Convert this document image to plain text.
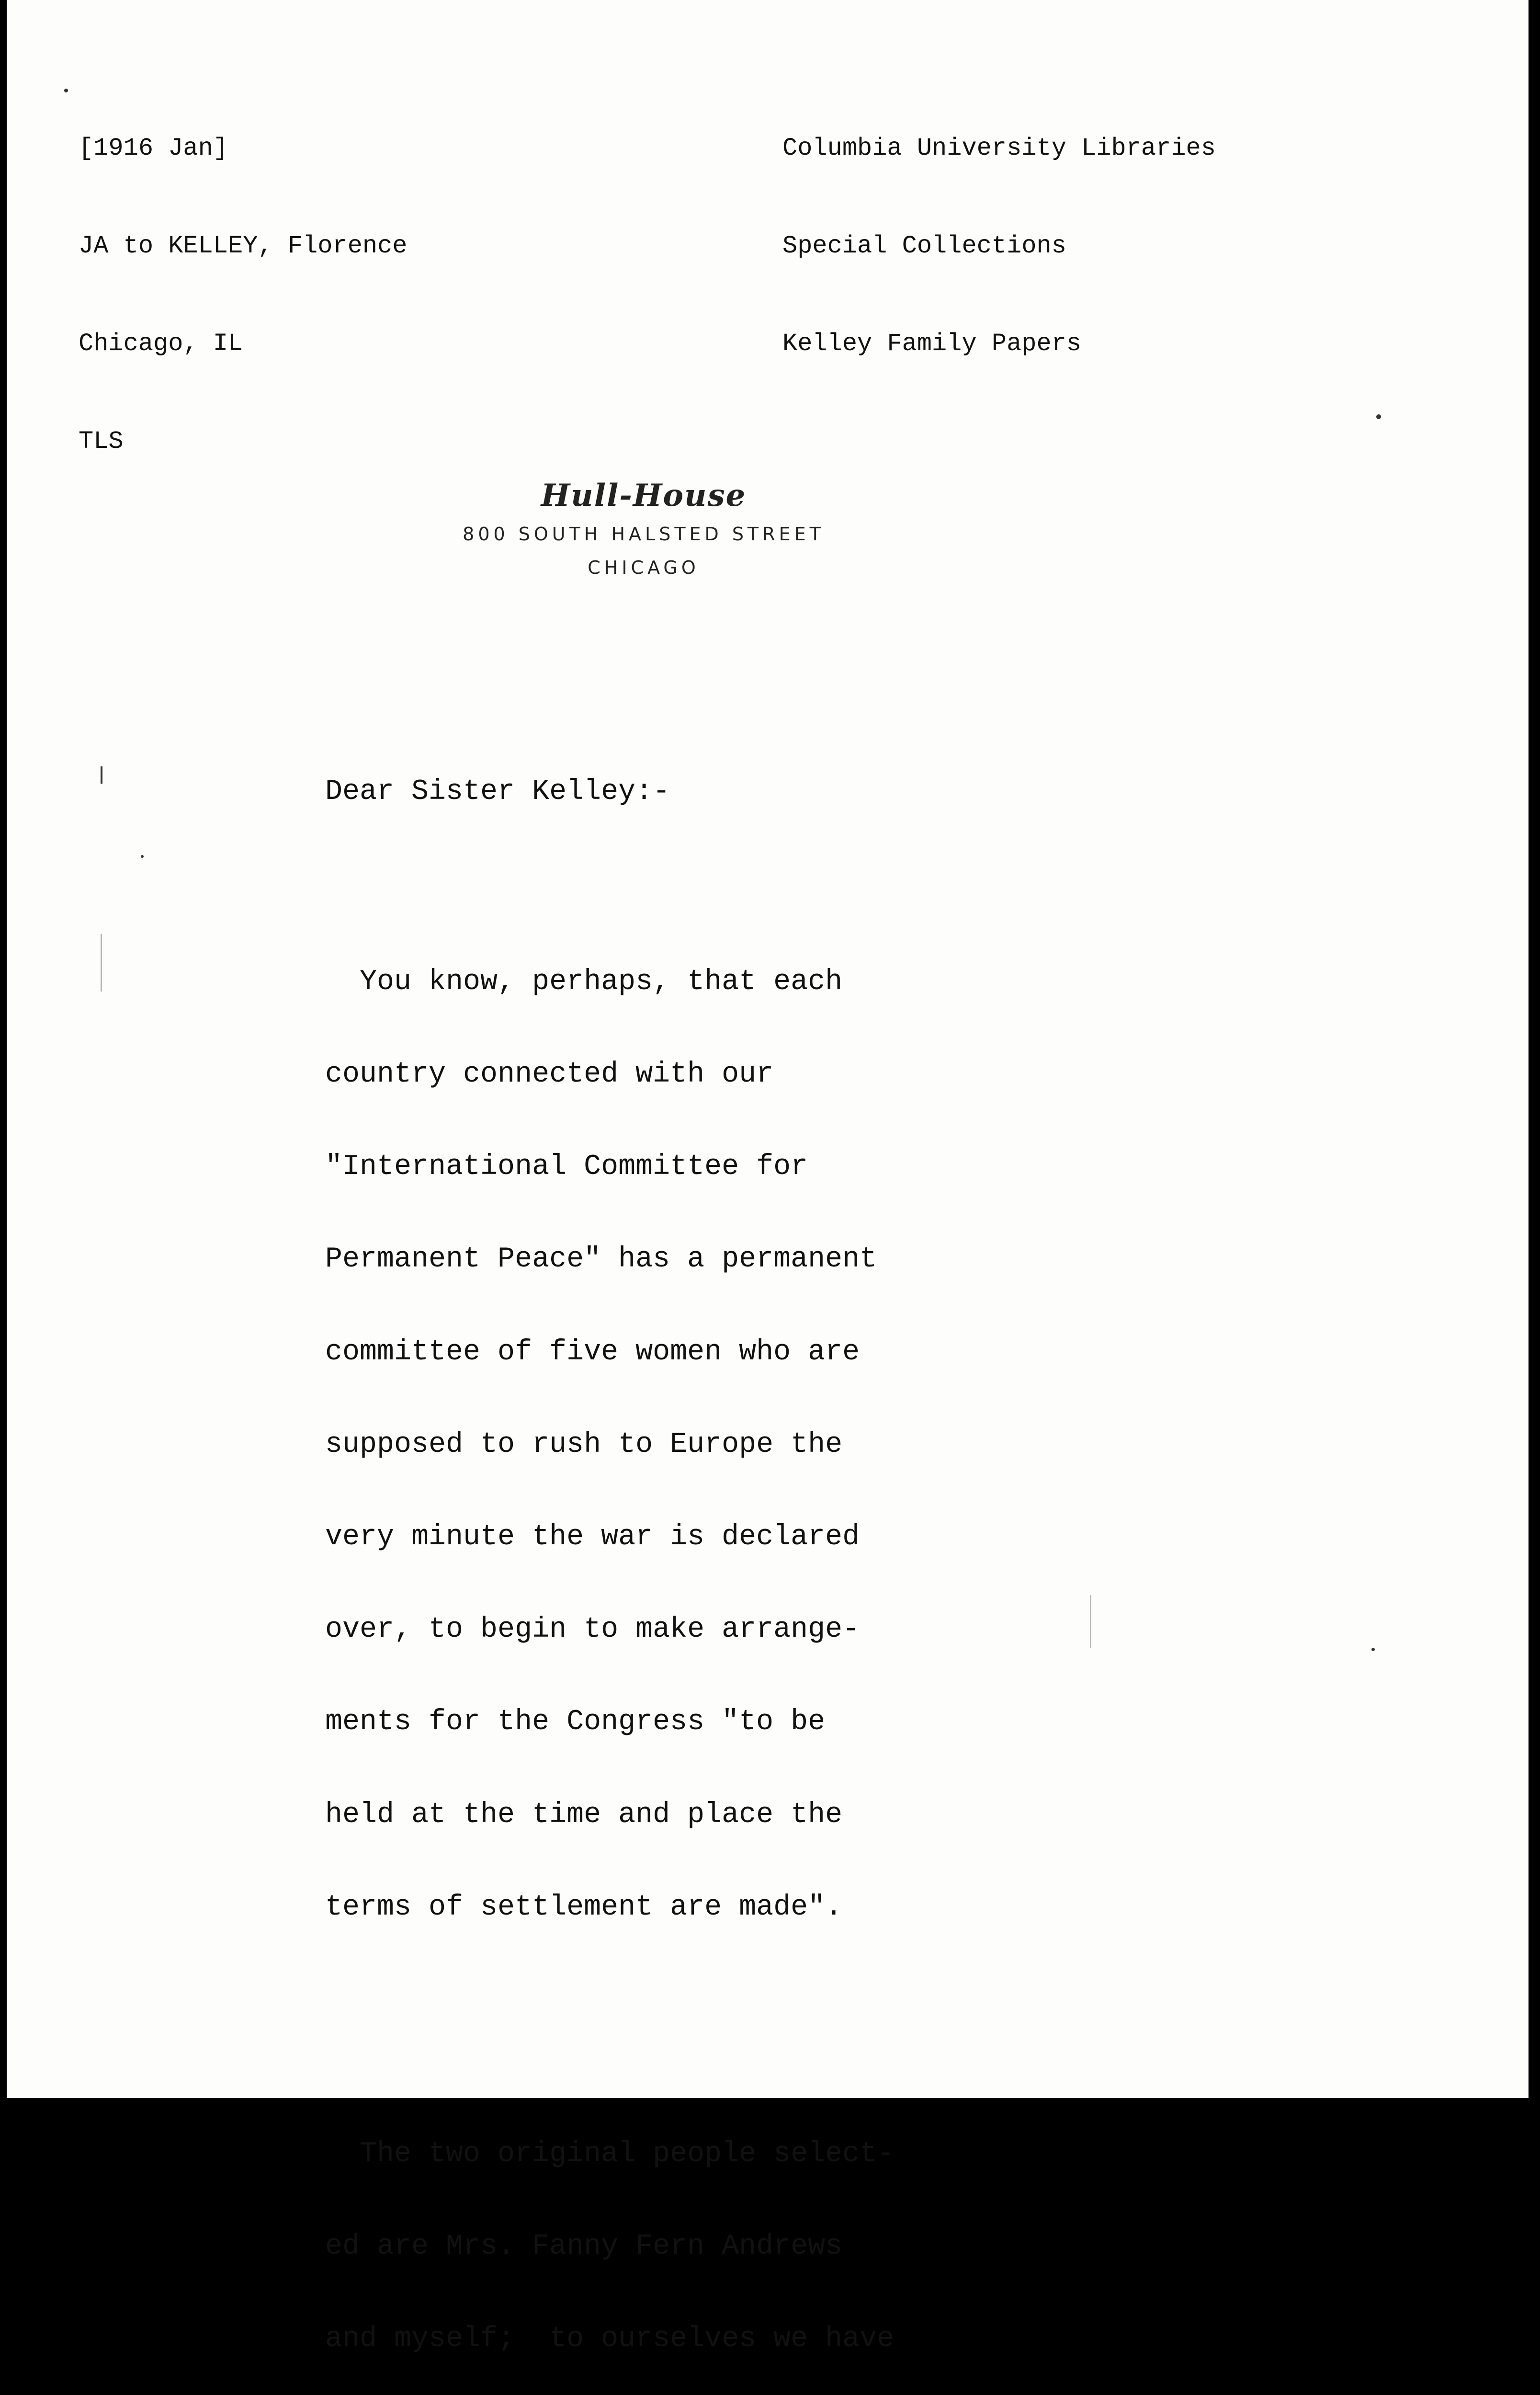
[1916 Jan]

JA to KELLEY, Florence

Chicago, IL

TLS

Columbia University Libraries

Special Collections

Kelley Family Papers

Hull-House
800 SOUTH HALSTED STREET
CHICAGO
Dear Sister Kelley:-

You know, perhaps, that each

country connected with our

"International Committee for

Permanent Peace" has a permanent

committee of five women who are

supposed to rush to Europe the

very minute the war is declared

over, to begin to make arrange-

ments for the Congress "to be

held at the time and place the

terms of settlement are made".

The two original people select-

ed are Mrs. Fanny Fern Andrews

and myself;  to ourselves we have
